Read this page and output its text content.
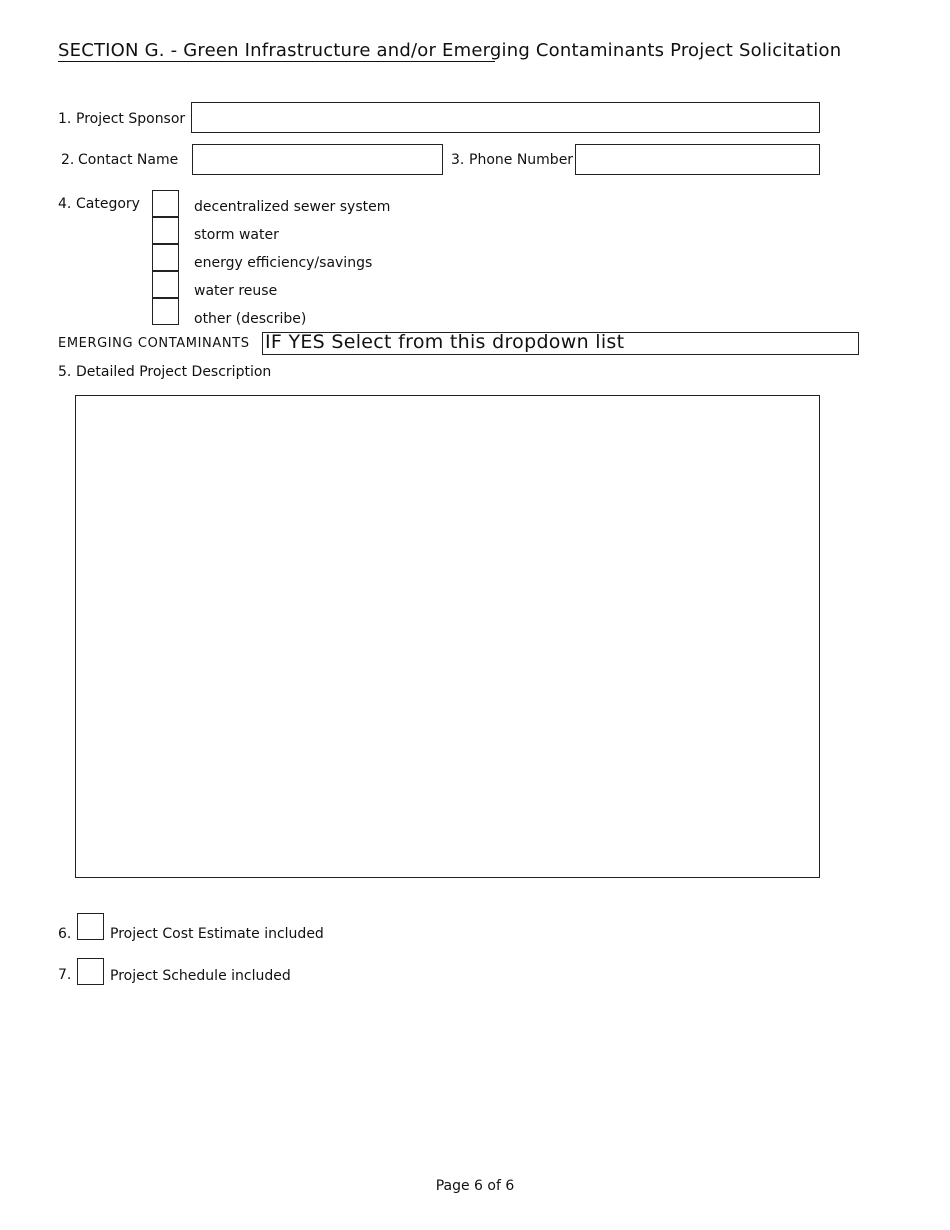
SECTION G. - Green Infrastructure and/or Emerging Contaminants Project Solicitation
1. Project Sponsor
2. Contact Name	3. Phone Number
4. Category	decentralized sewer system
storm water
energy efficiency/savings
water reuse
other (describe)
EMERGING CONTAMINANTS IF YES Select from this dropdown list
5. Detailed Project Description
6.	Project Cost Estimate included
7.	Project Schedule included
Page 6 of 6
